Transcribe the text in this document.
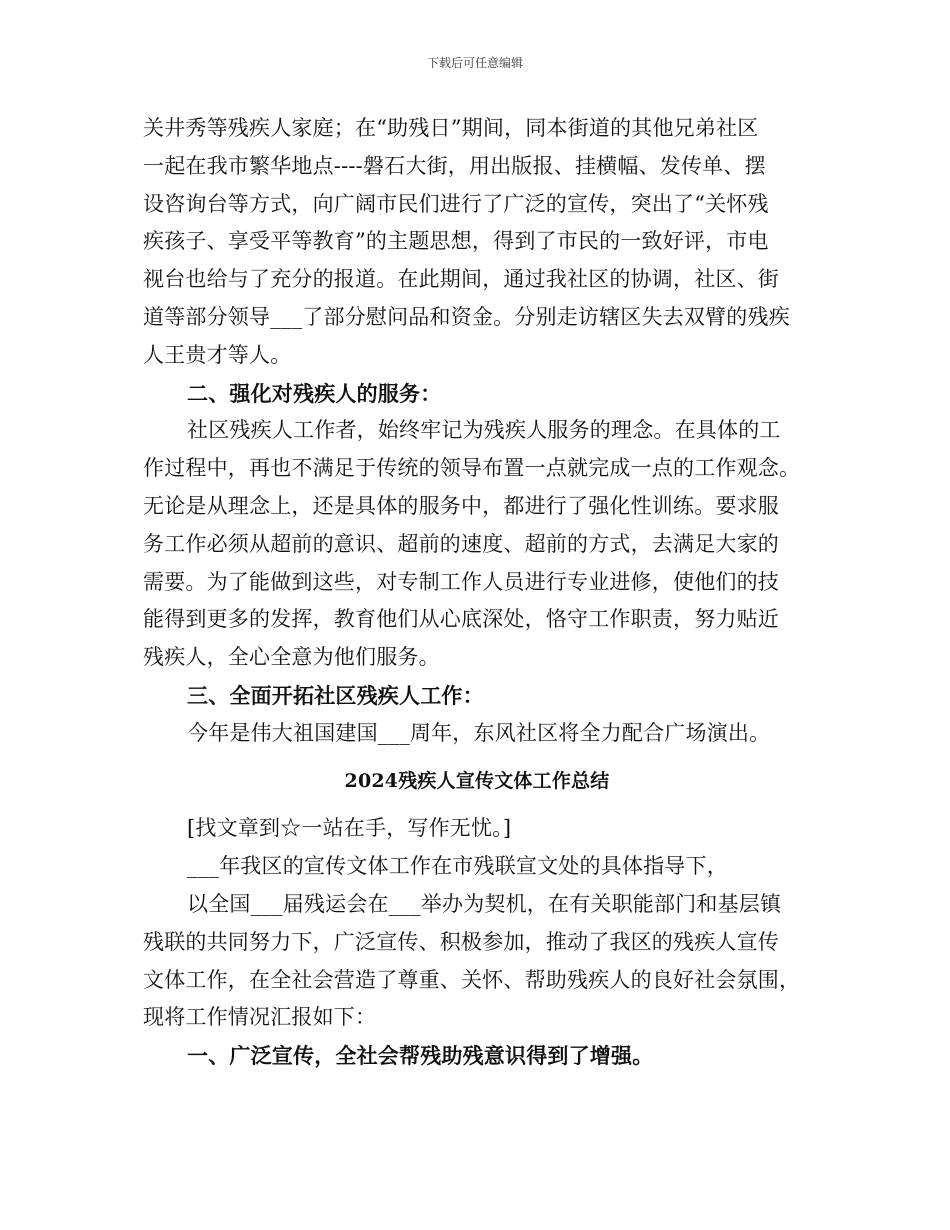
下载后可任意编辑
关井秀等残疾人家庭；在“助残日”期间，同本街道的其他兄弟社区
一起在我市繁华地点----磐石大街，用出版报、挂横幅、发传单、摆
设咨询台等方式，向广阔市民们进行了广泛的宣传，突出了“关怀残
疾孩子、享受平等教育”的主题思想，得到了市民的一致好评，市电
视台也给与了充分的报道。在此期间，通过我社区的协调，社区、街
道等部分领导___了部分慰问品和资金。分别走访辖区失去双臂的残疾
人王贵才等人。
二、强化对残疾人的服务：
社区残疾人工作者，始终牢记为残疾人服务的理念。在具体的工
作过程中，再也不满足于传统的领导布置一点就完成一点的工作观念。
无论是从理念上，还是具体的服务中，都进行了强化性训练。要求服
务工作必须从超前的意识、超前的速度、超前的方式，去满足大家的
需要。为了能做到这些，对专制工作人员进行专业进修，使他们的技
能得到更多的发挥，教育他们从心底深处，恪守工作职责，努力贴近
残疾人，全心全意为他们服务。
三、全面开拓社区残疾人工作：
今年是伟大祖国建国___周年，东风社区将全力配合广场演出。
2024残疾人宣传文体工作总结
[找文章到☆一站在手，写作无忧。]
___年我区的宣传文体工作在市残联宣文处的具体指导下，
以全国___届残运会在___举办为契机，在有关职能部门和基层镇
残联的共同努力下，广泛宣传、积极参加，推动了我区的残疾人宣传
文体工作，在全社会营造了尊重、关怀、帮助残疾人的良好社会氛围，
现将工作情况汇报如下：
一、广泛宣传，全社会帮残助残意识得到了增强。
